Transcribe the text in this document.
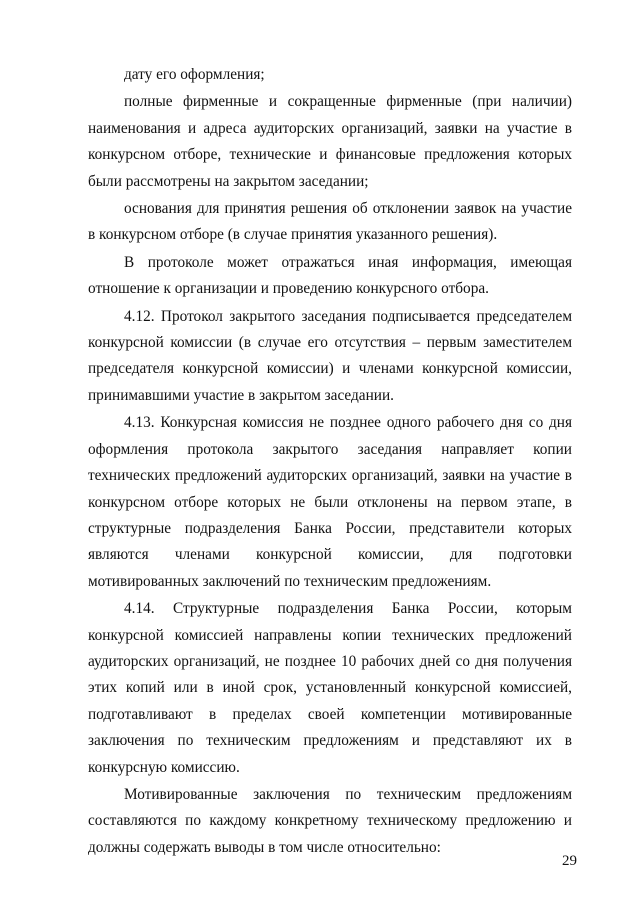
дату его оформления;

полные фирменные и сокращенные фирменные (при наличии) наименования и адреса аудиторских организаций, заявки на участие в конкурсном отборе, технические и финансовые предложения которых были рассмотрены на закрытом заседании;

основания для принятия решения об отклонении заявок на участие в конкурсном отборе (в случае принятия указанного решения).

В протоколе может отражаться иная информация, имеющая отношение к организации и проведению конкурсного отбора.

4.12. Протокол закрытого заседания подписывается председателем конкурсной комиссии (в случае его отсутствия – первым заместителем председателя конкурсной комиссии) и членами конкурсной комиссии, принимавшими участие в закрытом заседании.

4.13. Конкурсная комиссия не позднее одного рабочего дня со дня оформления протокола закрытого заседания направляет копии технических предложений аудиторских организаций, заявки на участие в конкурсном отборе которых не были отклонены на первом этапе, в структурные подразделения Банка России, представители которых являются членами конкурсной комиссии, для подготовки мотивированных заключений по техническим предложениям.

4.14. Структурные подразделения Банка России, которым конкурсной комиссией направлены копии технических предложений аудиторских организаций, не позднее 10 рабочих дней со дня получения этих копий или в иной срок, установленный конкурсной комиссией, подготавливают в пределах своей компетенции мотивированные заключения по техническим предложениям и представляют их в конкурсную комиссию.

Мотивированные заключения по техническим предложениям составляются по каждому конкретному техническому предложению и должны содержать выводы в том числе относительно:

29
